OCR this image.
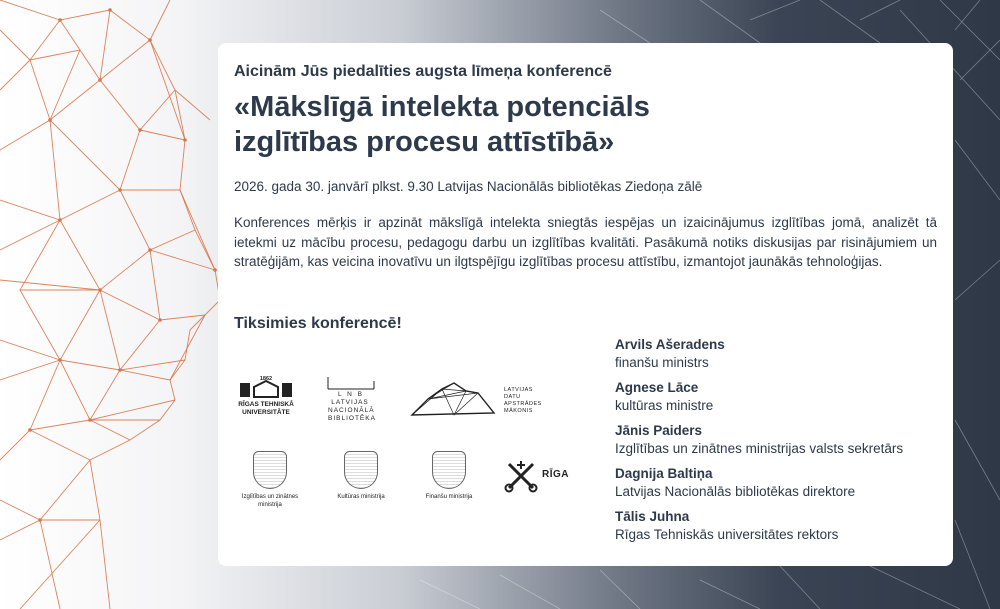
Aicinām Jūs piedalīties augsta līmeņa konferencē
«Mākslīgā intelekta potenciāls
izglītības procesu attīstībā»
2026. gada 30. janvārī plkst. 9.30 Latvijas Nacionālās bibliotēkas Ziedoņa zālē
Konferences mērķis ir apzināt mākslīgā intelekta sniegtās iespējas un izaicinājumus izglītības jomā, analizēt tā ietekmi uz mācību procesu, pedagogu darbu un izglītības kvalitāti. Pasākumā notiks diskusijas par risinājumiem un stratēģijām, kas veicina inovatīvu un ilgtspējīgu izglītības procesu attīstību, izmantojot jaunākās tehnoloģijas.
Tiksimies konferencē!
1862
RĪGAS TEHNISKĀ UNIVERSITĀTE
L N B
LATVIJAS NACIONĀLĀ BIBLIOTĒKA
LATVIJAS DATU APSTRĀDES MĀKONIS
Izglītības un zinātnes ministrija
Kultūras ministrija	Finanšu ministrija
RĪGA
Arvils Ašeradens
finanšu ministrs
Agnese Lāce
kultūras ministre
Jānis Paiders
Izglītības un zinātnes ministrijas valsts sekretārs
Dagnija Baltiņa
Latvijas Nacionālās bibliotēkas direktore
Tālis Juhna
Rīgas Tehniskās universitātes rektors
